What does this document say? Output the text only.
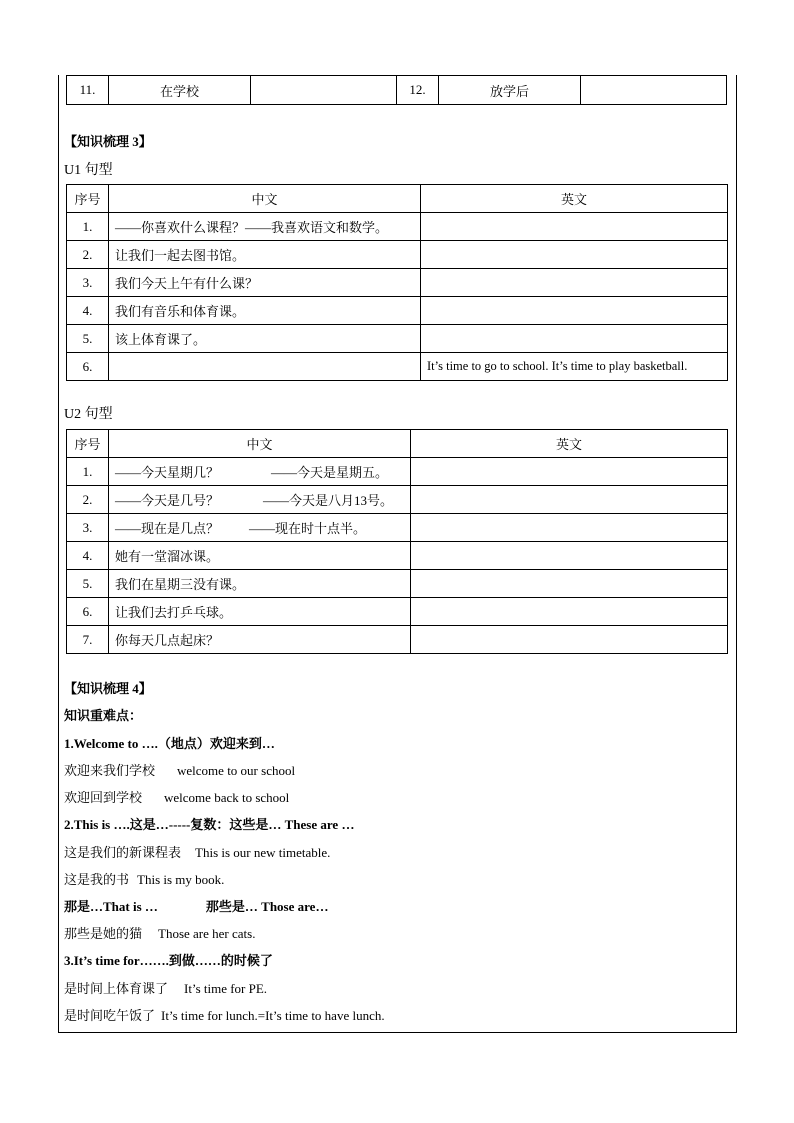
11.	在学校		12.	放学后	
【知识梳理 3】
U1 句型
序号	中文	英文
1.	——你喜欢什么课程？——我喜欢语文和数学。	
2.	让我们一起去图书馆。	
3.	我们今天上午有什么课？	
4.	我们有音乐和体育课。	
5.	该上体育课了。	
6.		It’s time to go to school. It’s time to play basketball.
U2 句型
序号	中文	英文
1.	——今天星期几？ ——今天是星期五。	
2.	——今天是几号？ ——今天是八月13号。	
3.	——现在是几点？ ——现在时十点半。	
4.	她有一堂溜冰课。	
5.	我们在星期三没有课。	
6.	让我们去打乒乓球。	
7.	你每天几点起床？	
【知识梳理 4】
知识重难点：
1.Welcome to ….（地点）欢迎来到…
欢迎来我们学校 welcome to our school
欢迎回到学校 welcome back to school
2.This is ….这是…-----复数：这些是… These are …
这是我们的新课程表 This is our new timetable.
这是我的书 This is my book.
那是…That is …	那些是… Those are…
那些是她的猫 Those are her cats.
3.It’s time for…….到做……的时候了
是时间上体育课了 It’s time for PE.
是时间吃午饭了 It’s time for lunch.=It’s time to have lunch.
